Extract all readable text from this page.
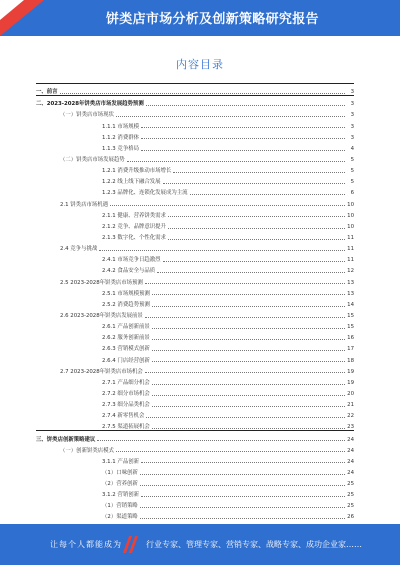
饼类店市场分析及创新策略研究报告
内容目录
一、前言	3
二、2023-2028年饼类店市场发展趋势预测	3
（一）饼类店市场现状	3
1.1.1 市场规模	3
1.1.2 消费群体	3
1.1.3 竞争格局	4
（二）饼类店市场发展趋势	5
1.2.1 消费升级推动市场增长	5
1.2.2 线上线下融合发展	5
1.2.3 品牌化、连锁化发展成为主流	6
2.1 饼类店市场机遇	10
2.1.1 健康、营养饼类需求	10
2.1.2 竞争、品牌意识提升	10
2.1.3 数字化、个性化需求	11
2.4 竞争与挑战	11
2.4.1 市场竞争日趋激烈	11
2.4.2 食品安全与品质	12
2.5 2023-2028年饼类店市场预测	13
2.5.1 市场规模预测	13
2.5.2 消费趋势预测	14
2.6 2023-2028年饼类店发展前景	15
2.6.1 产品创新前景	15
2.6.2 服务创新前景	16
2.6.3 营销模式创新	17
2.6.4 门店经营创新	18
2.7 2023-2028年饼类店市场机会	19
2.7.1 产品细分机会	19
2.7.2 细分市场机会	20
2.7.3 细分品类机会	21
2.7.4 新零售机会	22
2.7.5 渠道拓展机会	23
三、饼类店创新策略建议	24
（一）创新饼类店模式	24
3.1.1 产品创新	24
（1）口味创新	24
（2）营养创新	25
3.1.2 营销创新	25
（1）营销策略	25
（2）渠道策略	26
让每个人都能成为	行业专家、管理专家、营销专家、战略专家、成功企业家……
